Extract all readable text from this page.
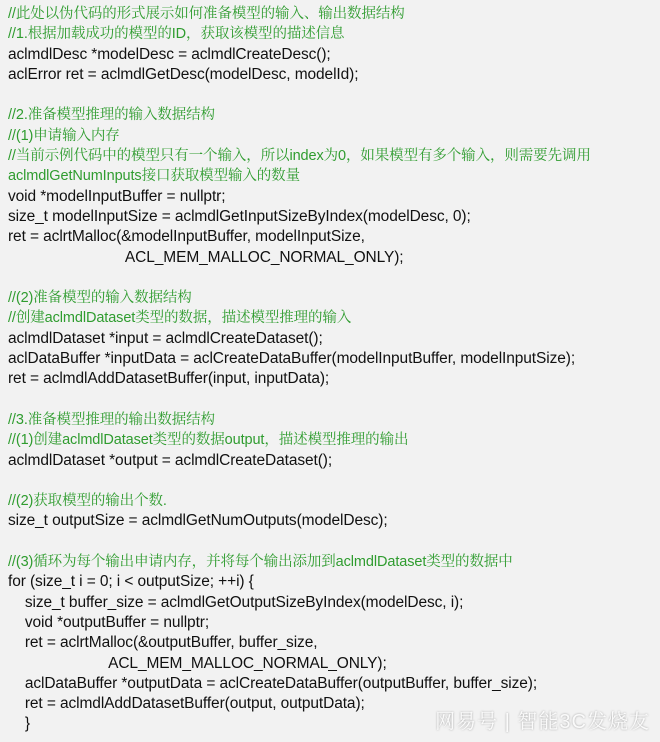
//此处以伪代码的形式展示如何准备模型的输入、输出数据结构
//1.根据加载成功的模型的ID，获取该模型的描述信息
aclmdlDesc *modelDesc = aclmdlCreateDesc();
aclError ret = aclmdlGetDesc(modelDesc, modelId);
//2.准备模型推理的输入数据结构
//(1)申请输入内存
//当前示例代码中的模型只有一个输入，所以index为0，如果模型有多个输入，则需要先调用
aclmdlGetNumInputs接口获取模型输入的数量
void *modelInputBuffer = nullptr;
size_t modelInputSize = aclmdlGetInputSizeByIndex(modelDesc, 0);
ret = aclrtMalloc(&modelInputBuffer, modelInputSize,
ACL_MEM_MALLOC_NORMAL_ONLY);
//(2)准备模型的输入数据结构
//创建aclmdlDataset类型的数据，描述模型推理的输入
aclmdlDataset *input = aclmdlCreateDataset();
aclDataBuffer *inputData = aclCreateDataBuffer(modelInputBuffer, modelInputSize);
ret = aclmdlAddDatasetBuffer(input, inputData);
//3.准备模型推理的输出数据结构
//(1)创建aclmdlDataset类型的数据output，描述模型推理的输出
aclmdlDataset *output = aclmdlCreateDataset();
//(2)获取模型的输出个数.
size_t outputSize = aclmdlGetNumOutputs(modelDesc);
//(3)循环为每个输出申请内存，并将每个输出添加到aclmdlDataset类型的数据中
for (size_t i = 0; i < outputSize; ++i) {
size_t buffer_size = aclmdlGetOutputSizeByIndex(modelDesc, i);
void *outputBuffer = nullptr;
ret = aclrtMalloc(&outputBuffer, buffer_size,
ACL_MEM_MALLOC_NORMAL_ONLY);
aclDataBuffer *outputData = aclCreateDataBuffer(outputBuffer, buffer_size);
ret = aclmdlAddDatasetBuffer(output, outputData);
}	网易号 | 智能3C发烧友
